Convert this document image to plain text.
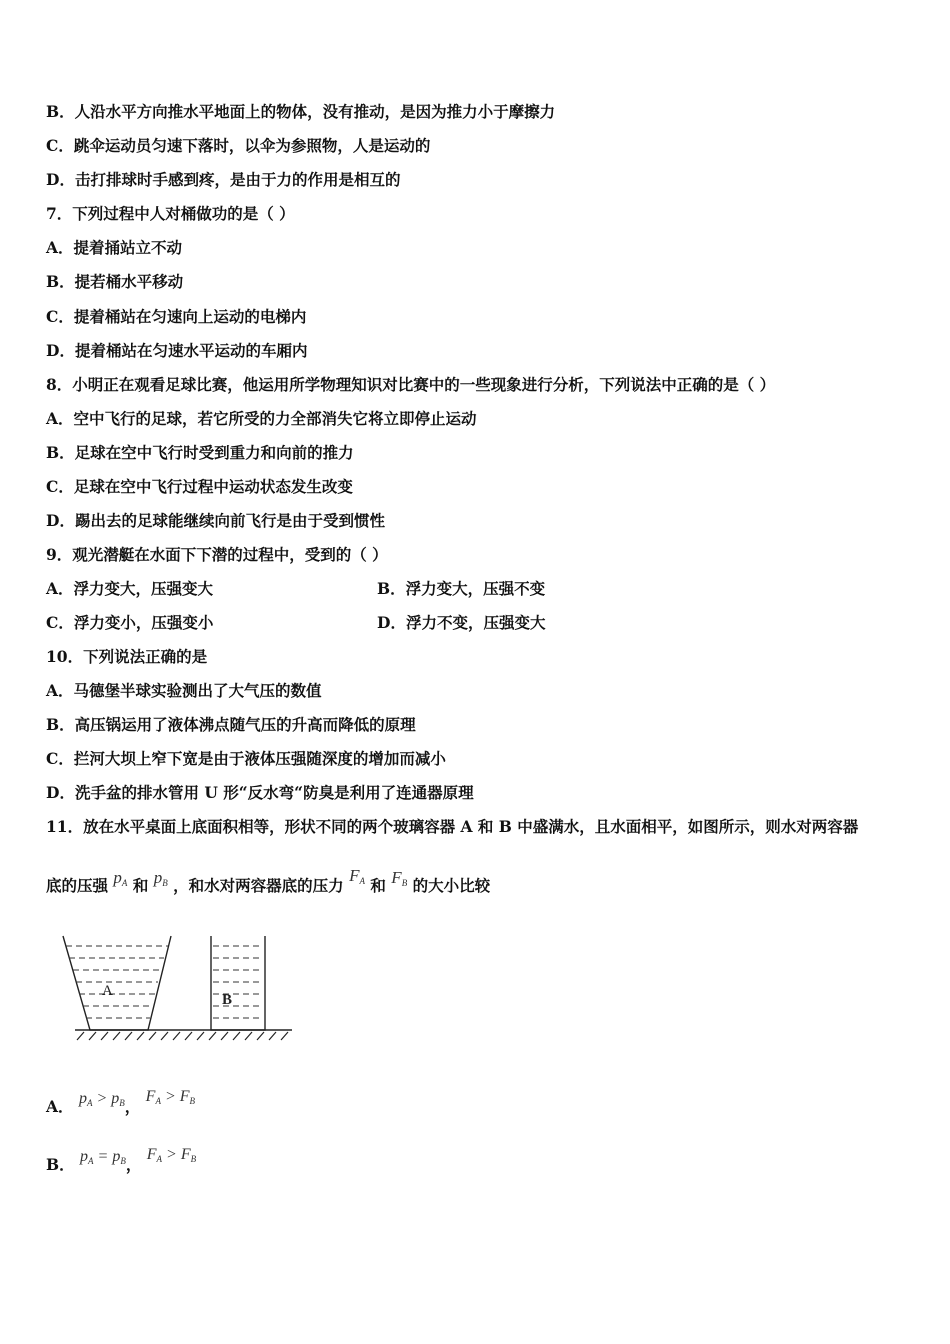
B．人沿水平方向推水平地面上的物体，没有推动，是因为推力小于摩擦力
C．跳伞运动员匀速下落时，以伞为参照物，人是运动的
D．击打排球时手感到疼，是由于力的作用是相互的
7．下列过程中人对桶做功的是（ ）
A．提着捅站立不动
B．提若桶水平移动
C．提着桶站在匀速向上运动的电梯内
D．提着桶站在匀速水平运动的车厢内
8．小明正在观看足球比赛，他运用所学物理知识对比赛中的一些现象进行分析，下列说法中正确的是（ ）
A．空中飞行的足球，若它所受的力全部消失它将立即停止运动
B．足球在空中飞行时受到重力和向前的推力
C．足球在空中飞行过程中运动状态发生改变
D．踢出去的足球能继续向前飞行是由于受到惯性
9．观光潜艇在水面下下潜的过程中，受到的（ ）
A．浮力变大，压强变大	B．浮力变大，压强不变
C．浮力变小，压强变小	D．浮力不变，压强变大
10．下列说法正确的是
A．马德堡半球实验测出了大气压的数值
B．高压锅运用了液体沸点随气压的升高而降低的原理
C．拦河大坝上窄下宽是由于液体压强随深度的增加而减小
D．洗手盆的排水管用 U 形“反水弯“防臭是利用了连通器原理
11．放在水平桌面上底面积相等，形状不同的两个玻璃容器 A 和 B 中盛满水，且水面相平，如图所示，则水对两容器
底的压强 $p_A$ 和 $p_B$ ，和水对两容器底的压力 $F_A$ 和 $F_B$ 的大小比较
A
B
A． $p_A > p_B$， $F_A > F_B$
B． $p_A = p_B$， $F_A > F_B$
